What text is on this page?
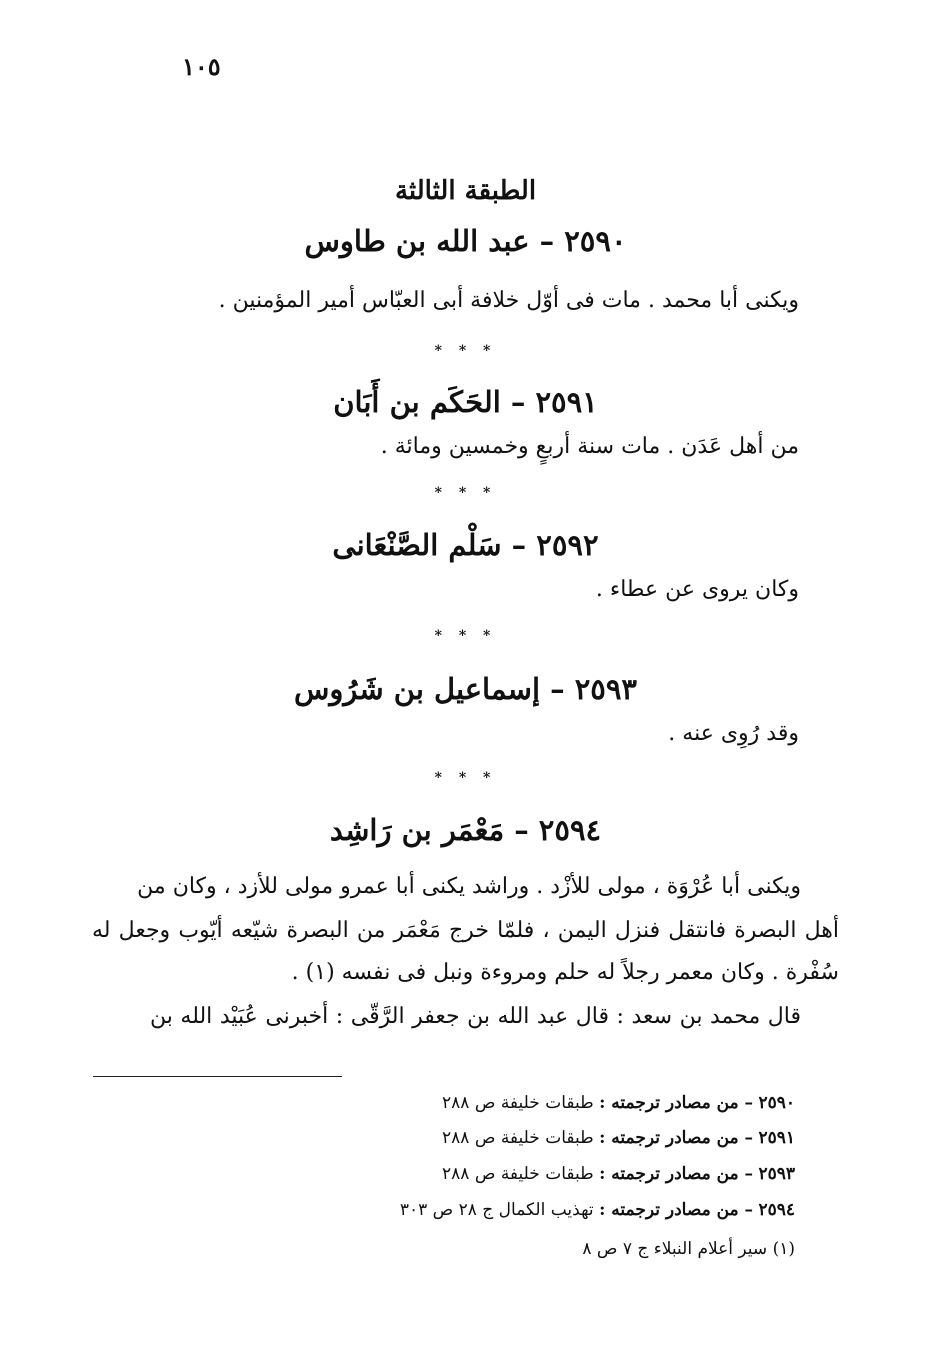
١٠٥
الطبقة الثالثة
٢٥٩٠ – عبد الله بن طاوس
ويكنى أبا محمد . مات فى أوّل خلافة أبى العبّاس أمير المؤمنين .
* * *
٢٥٩١ – الحَكَم بن أَبَان
من أهل عَدَن . مات سنة أربعٍ وخمسين ومائة .
* * *
٢٥٩٢ – سَلْم الصَّنْعَانى
وكان يروى عن عطاء .
* * *
٢٥٩٣ – إسماعيل بن شَرُوس
وقد رُوِى عنه .
* * *
٢٥٩٤ – مَعْمَر بن رَاشِد
ويكنى أبا عُرْوَة ، مولى للأزْد . وراشد يكنى أبا عمرو مولى للأزد ، وكان من
أهل البصرة فانتقل فنزل اليمن ، فلمّا خرج مَعْمَر من البصرة شيّعه أيّوب وجعل له
سُفْرة . وكان معمر رجلاً له حلم ومروءة ونبل فى نفسه (١) .
قال محمد بن سعد : قال عبد الله بن جعفر الرَّقّى : أخبرنى عُبَيْد الله بن
٢٥٩٠ – من مصادر ترجمته : طبقات خليفة ص ٢٨٨
٢٥٩١ – من مصادر ترجمته : طبقات خليفة ص ٢٨٨
٢٥٩٣ – من مصادر ترجمته : طبقات خليفة ص ٢٨٨
٢٥٩٤ – من مصادر ترجمته : تهذيب الكمال ج ٢٨ ص ٣٠٣
(١) سير أعلام النبلاء ج ٧ ص ٨
